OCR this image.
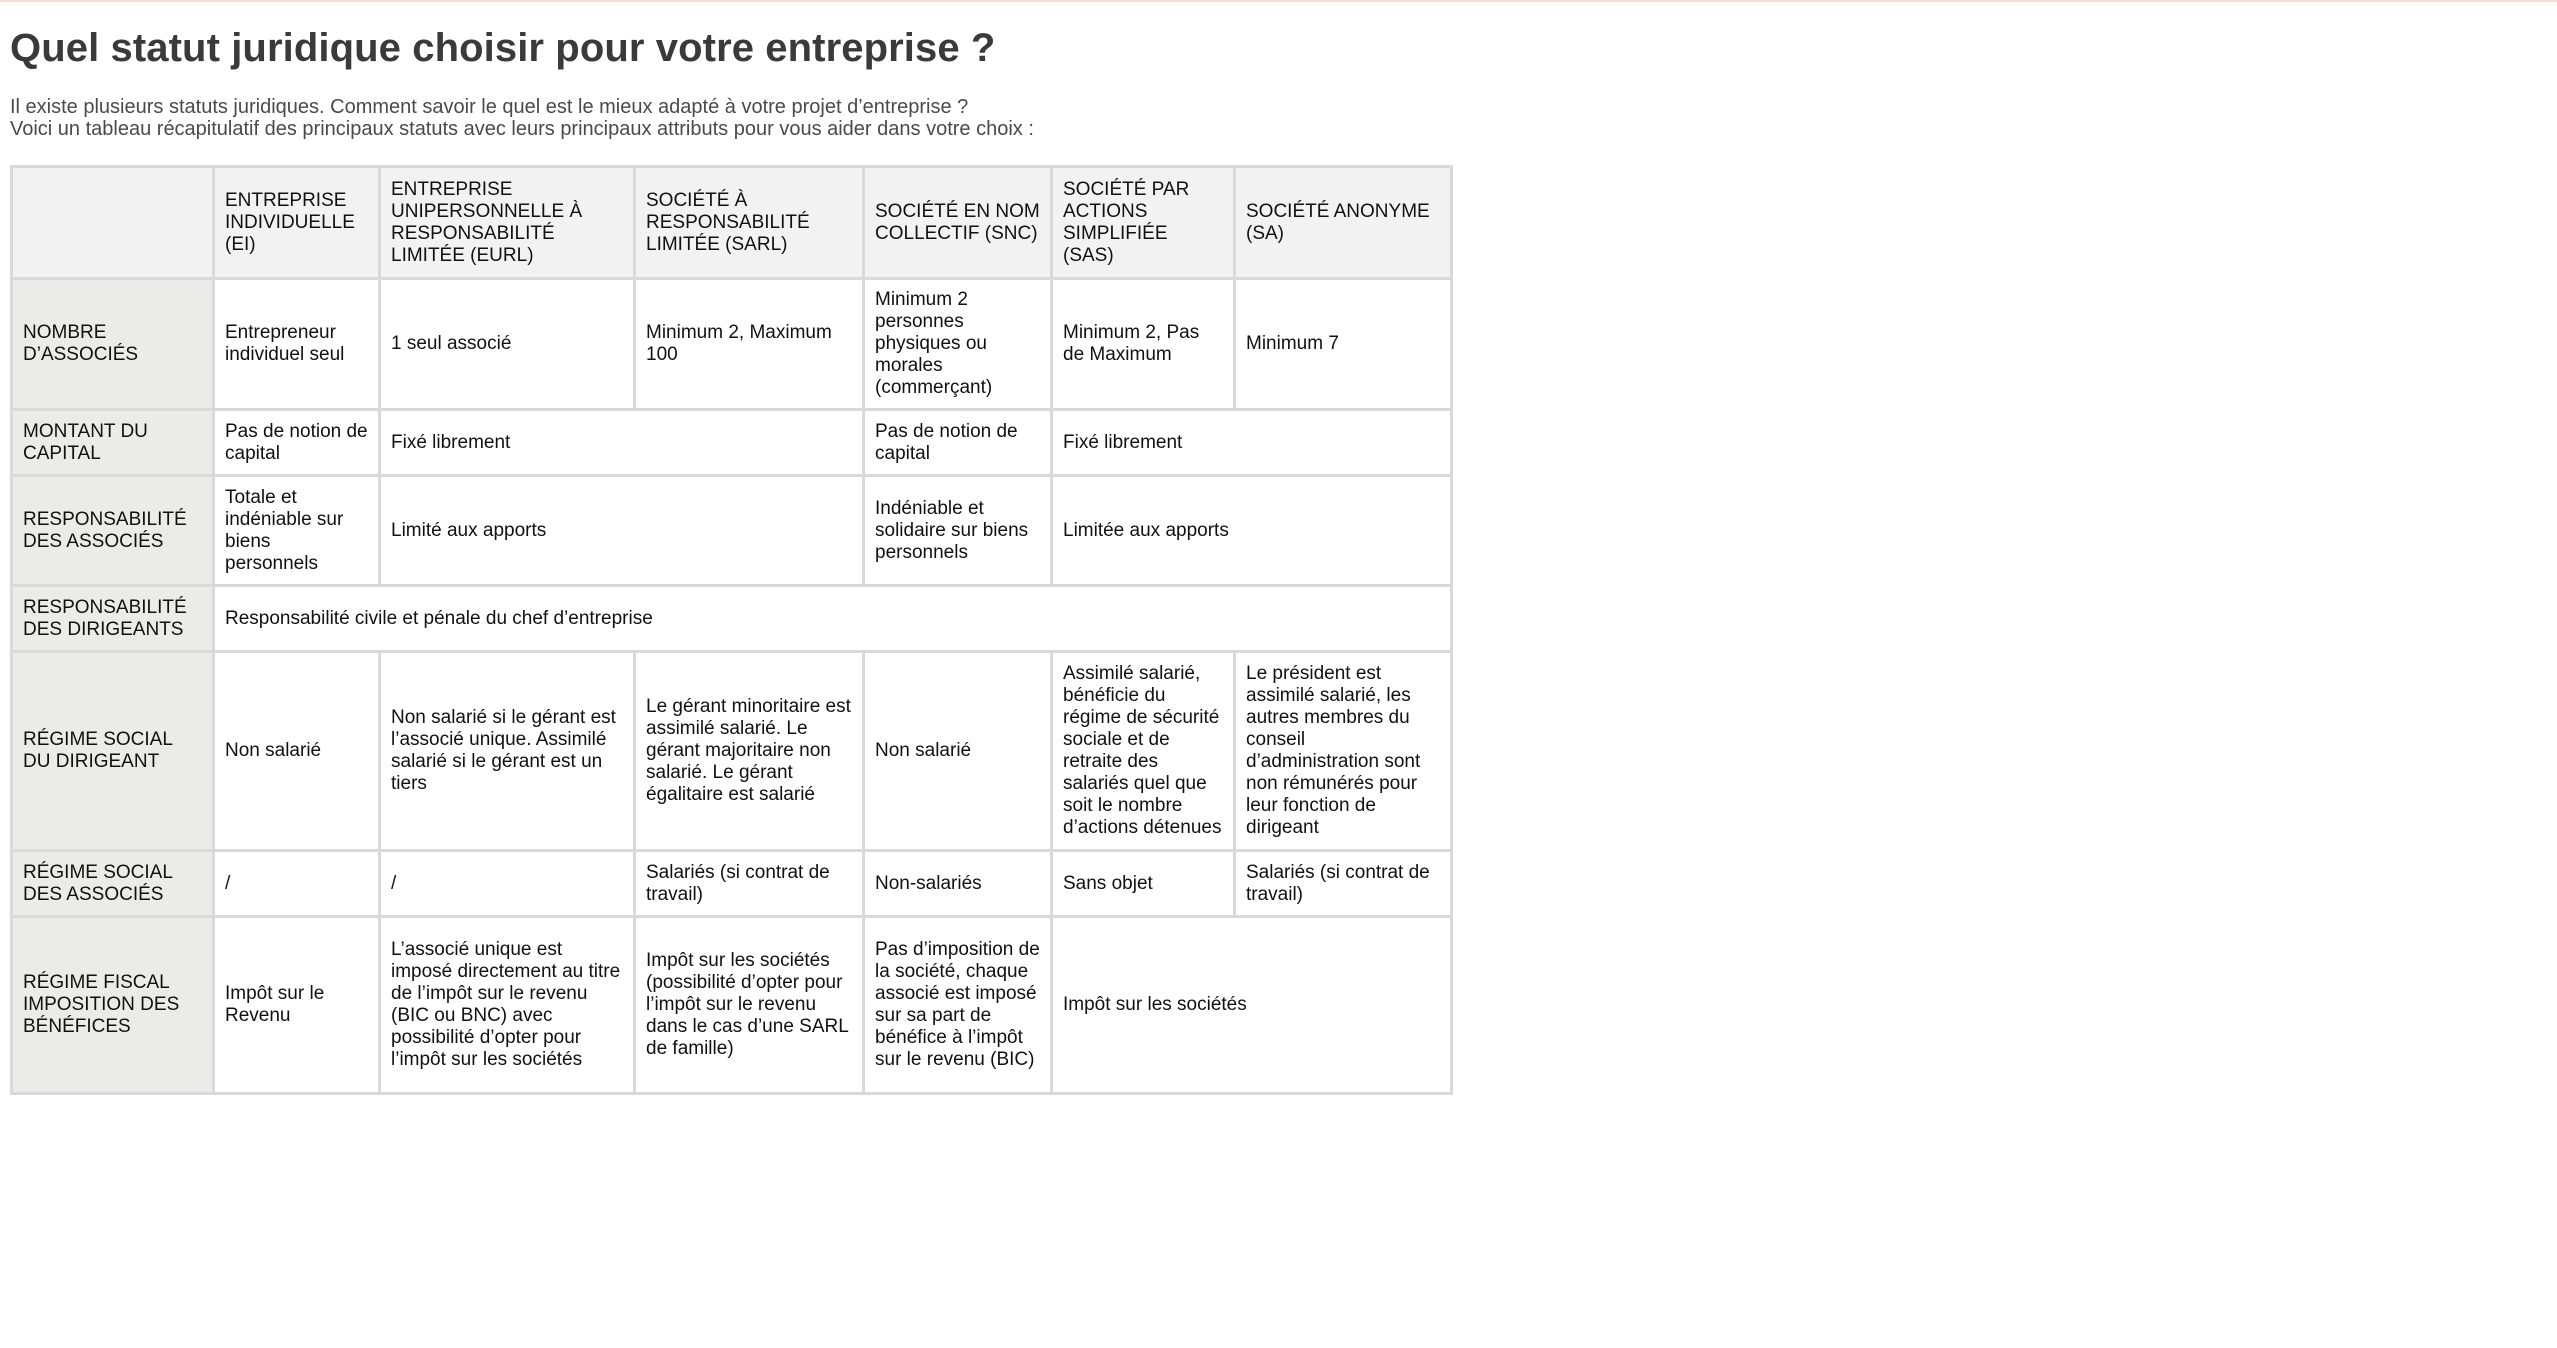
Quel statut juridique choisir pour votre entreprise ?

Il existe plusieurs statuts juridiques. Comment savoir le quel est le mieux adapté à votre projet d’entreprise ?

Voici un tableau récapitulatif des principaux statuts avec leurs principaux attributs pour vous aider dans votre choix :

	ENTREPRISE INDIVIDUELLE (EI)	ENTREPRISE UNIPERSONNELLE À RESPONSABILITÉ LIMITÉE (EURL)	SOCIÉTÉ À RESPONSABILITÉ LIMITÉE (SARL)	SOCIÉTÉ EN NOM COLLECTIF (SNC)	SOCIÉTÉ PAR ACTIONS SIMPLIFIÉE (SAS)	SOCIÉTÉ ANONYME (SA)
NOMBRE D’ASSOCIÉS	Entrepreneur individuel seul	1 seul associé	Minimum 2, Maximum 100	Minimum 2 personnes physiques ou morales (commerçant)	Minimum 2, Pas de Maximum	Minimum 7
MONTANT DU CAPITAL	Pas de notion de capital	Fixé librement		Pas de notion de capital	Fixé librement	
RESPONSABILITÉ DES ASSOCIÉS	Totale et indéniable sur biens personnels	Limité aux apports		Indéniable et solidaire sur biens personnels	Limitée aux apports	
RESPONSABILITÉ DES DIRIGEANTS	Responsabilité civile et pénale du chef d’entreprise					
RÉGIME SOCIAL DU DIRIGEANT	Non salarié	Non salarié si le gérant est l’associé unique. Assimilé salarié si le gérant est un tiers	Le gérant minoritaire est assimilé salarié. Le gérant majoritaire non salarié. Le gérant égalitaire est salarié	Non salarié	Assimilé salarié, bénéficie du régime de sécurité sociale et de retraite des salariés quel que soit le nombre d’actions détenues	Le président est assimilé salarié, les autres membres du conseil d’administration sont non rémunérés pour leur fonction de dirigeant
RÉGIME SOCIAL DES ASSOCIÉS	/	/	Salariés (si contrat de travail)	Non-salariés	Sans objet	Salariés (si contrat de travail)
RÉGIME FISCAL IMPOSITION DES BÉNÉFICES	Impôt sur le Revenu	L’associé unique est imposé directement au titre de l’impôt sur le revenu (BIC ou BNC) avec possibilité d’opter pour l’impôt sur les sociétés	Impôt sur les sociétés (possibilité d’opter pour l’impôt sur le revenu dans le cas d’une SARL de famille)	Pas d’imposition de la société, chaque associé est imposé sur sa part de bénéfice à l’impôt sur le revenu (BIC)	Impôt sur les sociétés	
